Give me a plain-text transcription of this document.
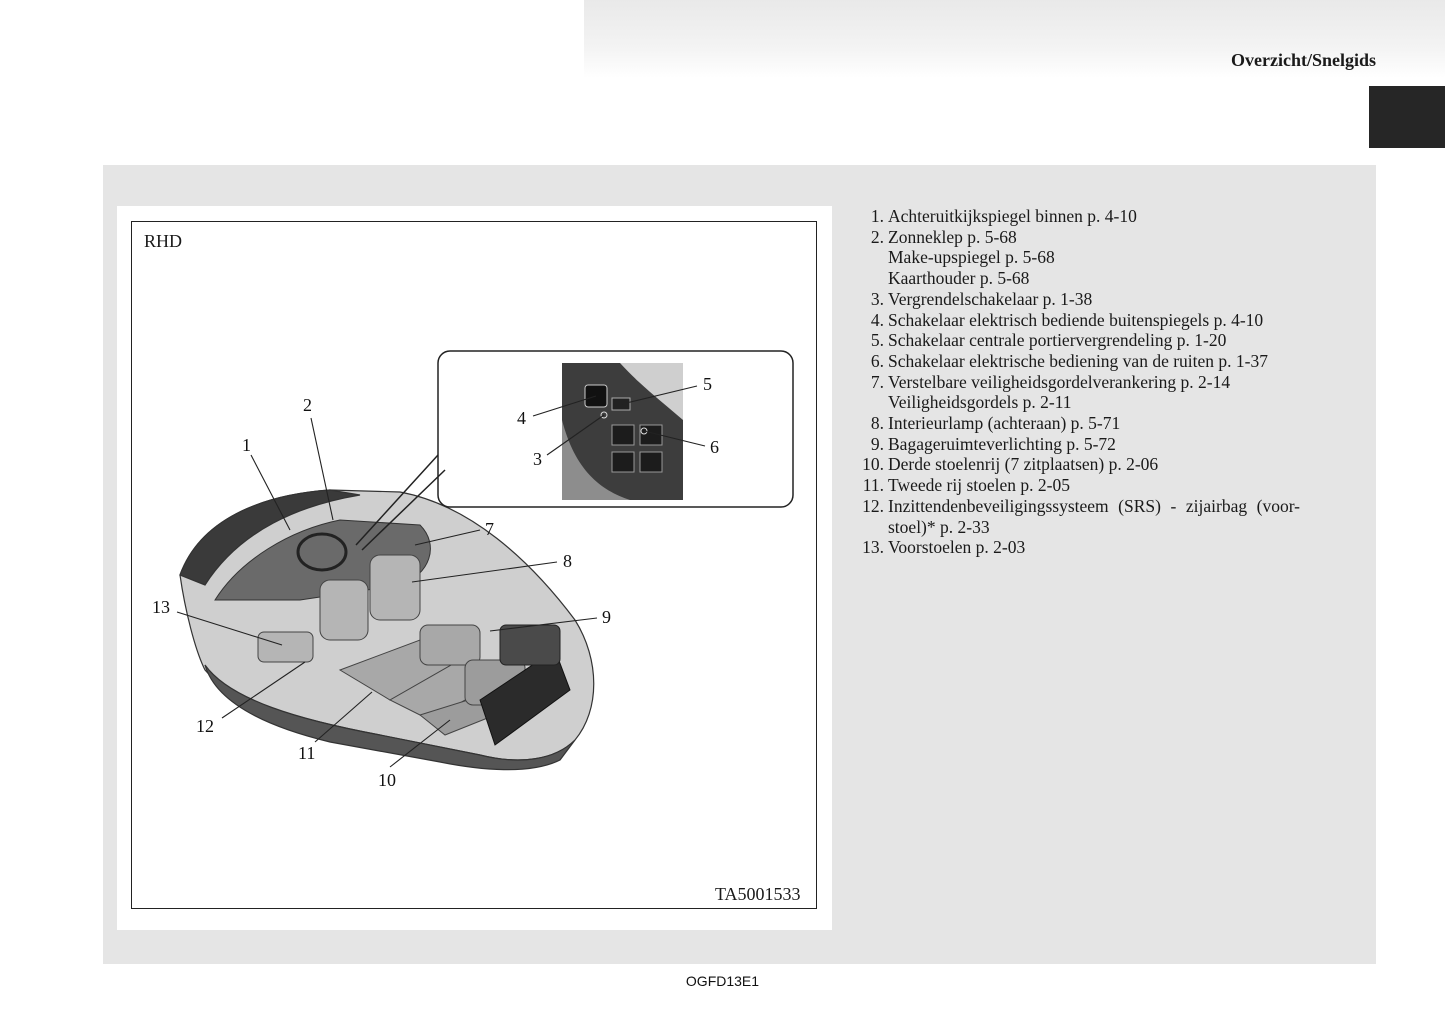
Overzicht/Snelgids
1
2
3
4
5
6
7
8
9
10
11
12
13
RHD
TA5001533
1. Achteruitkijkspiegel binnen p. 4-10
2. Zonneklep p. 5-68
Make-upspiegel p. 5-68
Kaarthouder p. 5-68
3. Vergrendelschakelaar p. 1-38
4. Schakelaar elektrisch bediende buitenspiegels p. 4-10
5. Schakelaar centrale portiervergrendeling p. 1-20
6. Schakelaar elektrische bediening van de ruiten p. 1-37
7. Verstelbare veiligheidsgordelverankering p. 2-14
Veiligheidsgordels p. 2-11
8. Interieurlamp (achteraan) p. 5-71
9. Bagageruimteverlichting p. 5-72
10. Derde stoelenrij (7 zitplaatsen) p. 2-06
11. Tweede rij stoelen p. 2-05
12. Inzittendenbeveiligingssysteem (SRS) - zijairbag (voor-
stoel)* p. 2-33
13. Voorstoelen p. 2-03
OGFD13E1
